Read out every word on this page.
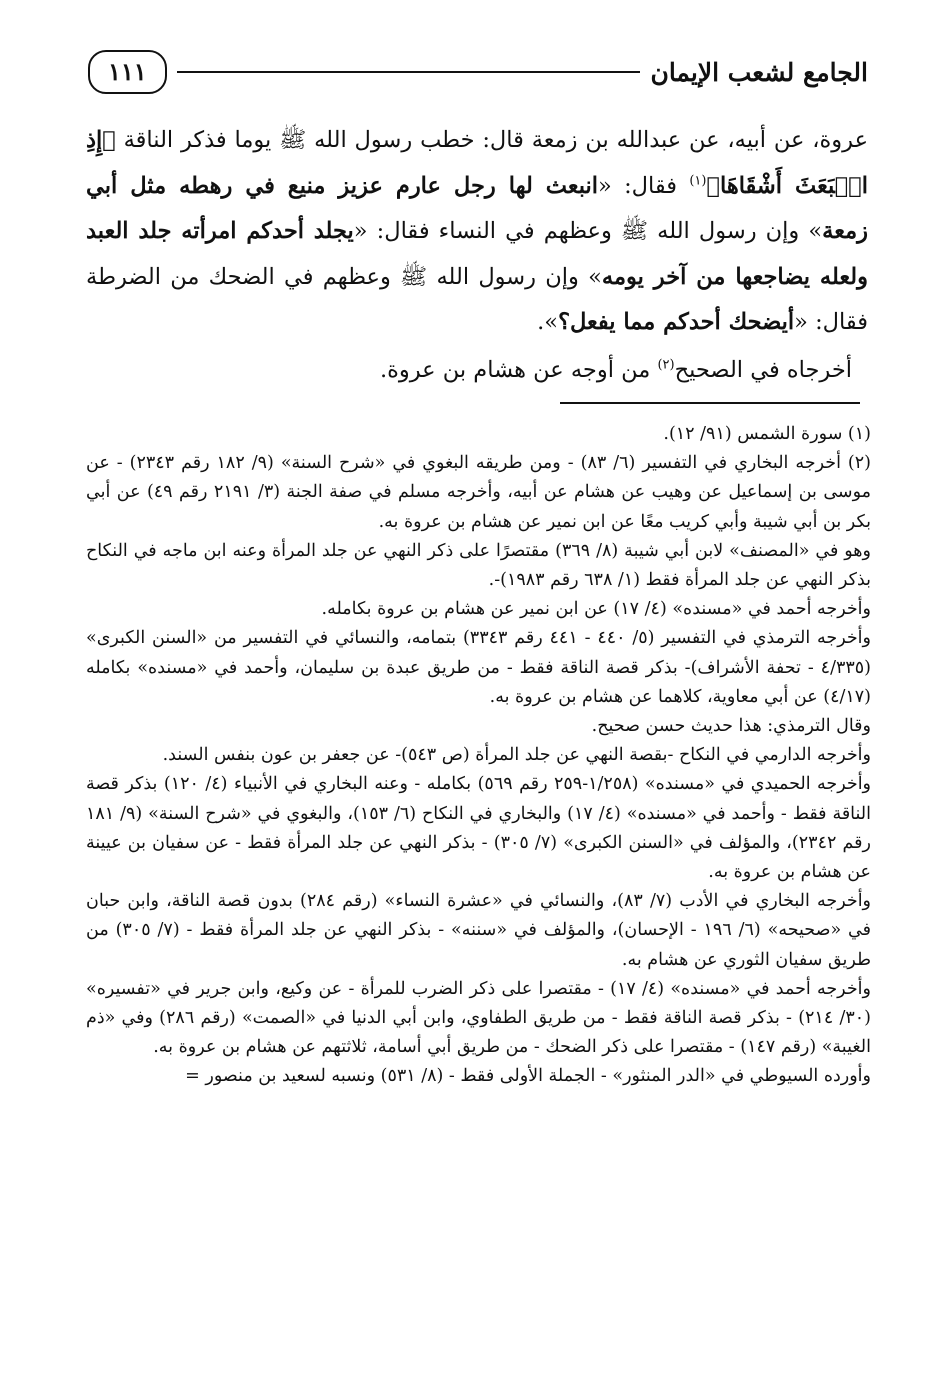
الجامع لشعب الإيمان
١١١
عروة، عن أبيه، عن عبدالله بن زمعة قال: خطب رسول الله ﷺ يوما فذكر الناقة ﴿إِذِ انۢبَعَثَ أَشْقَاهَا﴾$^{(١)}$ فقال: «انبعث لها رجل عارم عزيز منيع في رهطه مثل أبي زمعة» وإن رسول الله ﷺ وعظهم في النساء فقال: «يجلد أحدكم امرأته جلد العبد ولعله يضاجعها من آخر يومه» وإن رسول الله ﷺ وعظهم في الضحك من الضرطة فقال: «أيضحك أحدكم مما يفعل؟».
أخرجاه في الصحيح$^{(٢)}$ من أوجه عن هشام بن عروة.

(١) سورة الشمس (٩١/ ١٢).

(٢) أخرجه البخاري في التفسير (٦/ ٨٣) - ومن طريقه البغوي في «شرح السنة» (٩/ ١٨٢ رقم ٢٣٤٣) - عن موسى بن إسماعيل عن وهيب عن هشام عن أبيه، وأخرجه مسلم في صفة الجنة (٣/ ٢١٩١ رقم ٤٩) عن أبي بكر بن أبي شيبة وأبي كريب معًا عن ابن نمير عن هشام بن عروة به.

وهو في «المصنف» لابن أبي شيبة (٨/ ٣٦٩) مقتصرًا على ذكر النهي عن جلد المرأة وعنه ابن ماجه في النكاح بذكر النهي عن جلد المرأة فقط (١/ ٦٣٨ رقم ١٩٨٣)-.

وأخرجه أحمد في «مسنده» (٤/ ١٧) عن ابن نمير عن هشام بن عروة بكامله.

وأخرجه الترمذي في التفسير (٥/ ٤٤٠ - ٤٤١ رقم ٣٣٤٣) بتمامه، والنسائي في التفسير من «السنن الكبرى» (٤/٣٣٥ - تحفة الأشراف)- بذكر قصة الناقة فقط - من طريق عبدة بن سليمان، وأحمد في «مسنده» بكامله (٤/١٧) عن أبي معاوية، كلاهما عن هشام بن عروة به.

وقال الترمذي: هذا حديث حسن صحيح.

وأخرجه الدارمي في النكاح -بقصة النهي عن جلد المرأة (ص ٥٤٣)- عن جعفر بن عون بنفس السند.

وأخرجه الحميدي في «مسنده» (١/٢٥٨-٢٥٩ رقم ٥٦٩) بكامله - وعنه البخاري في الأنبياء (٤/ ١٢٠) بذكر قصة الناقة فقط - وأحمد في «مسنده» (٤/ ١٧) والبخاري في النكاح (٦/ ١٥٣)، والبغوي في «شرح السنة» (٩/ ١٨١ رقم ٢٣٤٢)، والمؤلف في «السنن الكبرى» (٧/ ٣٠٥) - بذكر النهي عن جلد المرأة فقط - عن سفيان بن عيينة عن هشام بن عروة به.

وأخرجه البخاري في الأدب (٧/ ٨٣)، والنسائي في «عشرة النساء» (رقم ٢٨٤) بدون قصة الناقة، وابن حبان في «صحيحه» (٦/ ١٩٦ - الإحسان)، والمؤلف في «سننه» - بذكر النهي عن جلد المرأة فقط - (٧/ ٣٠٥) من طريق سفيان الثوري عن هشام به.

وأخرجه أحمد في «مسنده» (٤/ ١٧) - مقتصرا على ذكر الضرب للمرأة - عن وكيع، وابن جرير في «تفسيره» (٣٠/ ٢١٤) - بذكر قصة الناقة فقط - من طريق الطفاوي، وابن أبي الدنيا في «الصمت» (رقم ٢٨٦) وفي «ذم الغيبة» (رقم ١٤٧) - مقتصرا على ذكر الضحك - من طريق أبي أسامة، ثلاثتهم عن هشام بن عروة به.

وأورده السيوطي في «الدر المنثور» - الجملة الأولى فقط - (٨/ ٥٣١) ونسبه لسعيد بن منصور =
